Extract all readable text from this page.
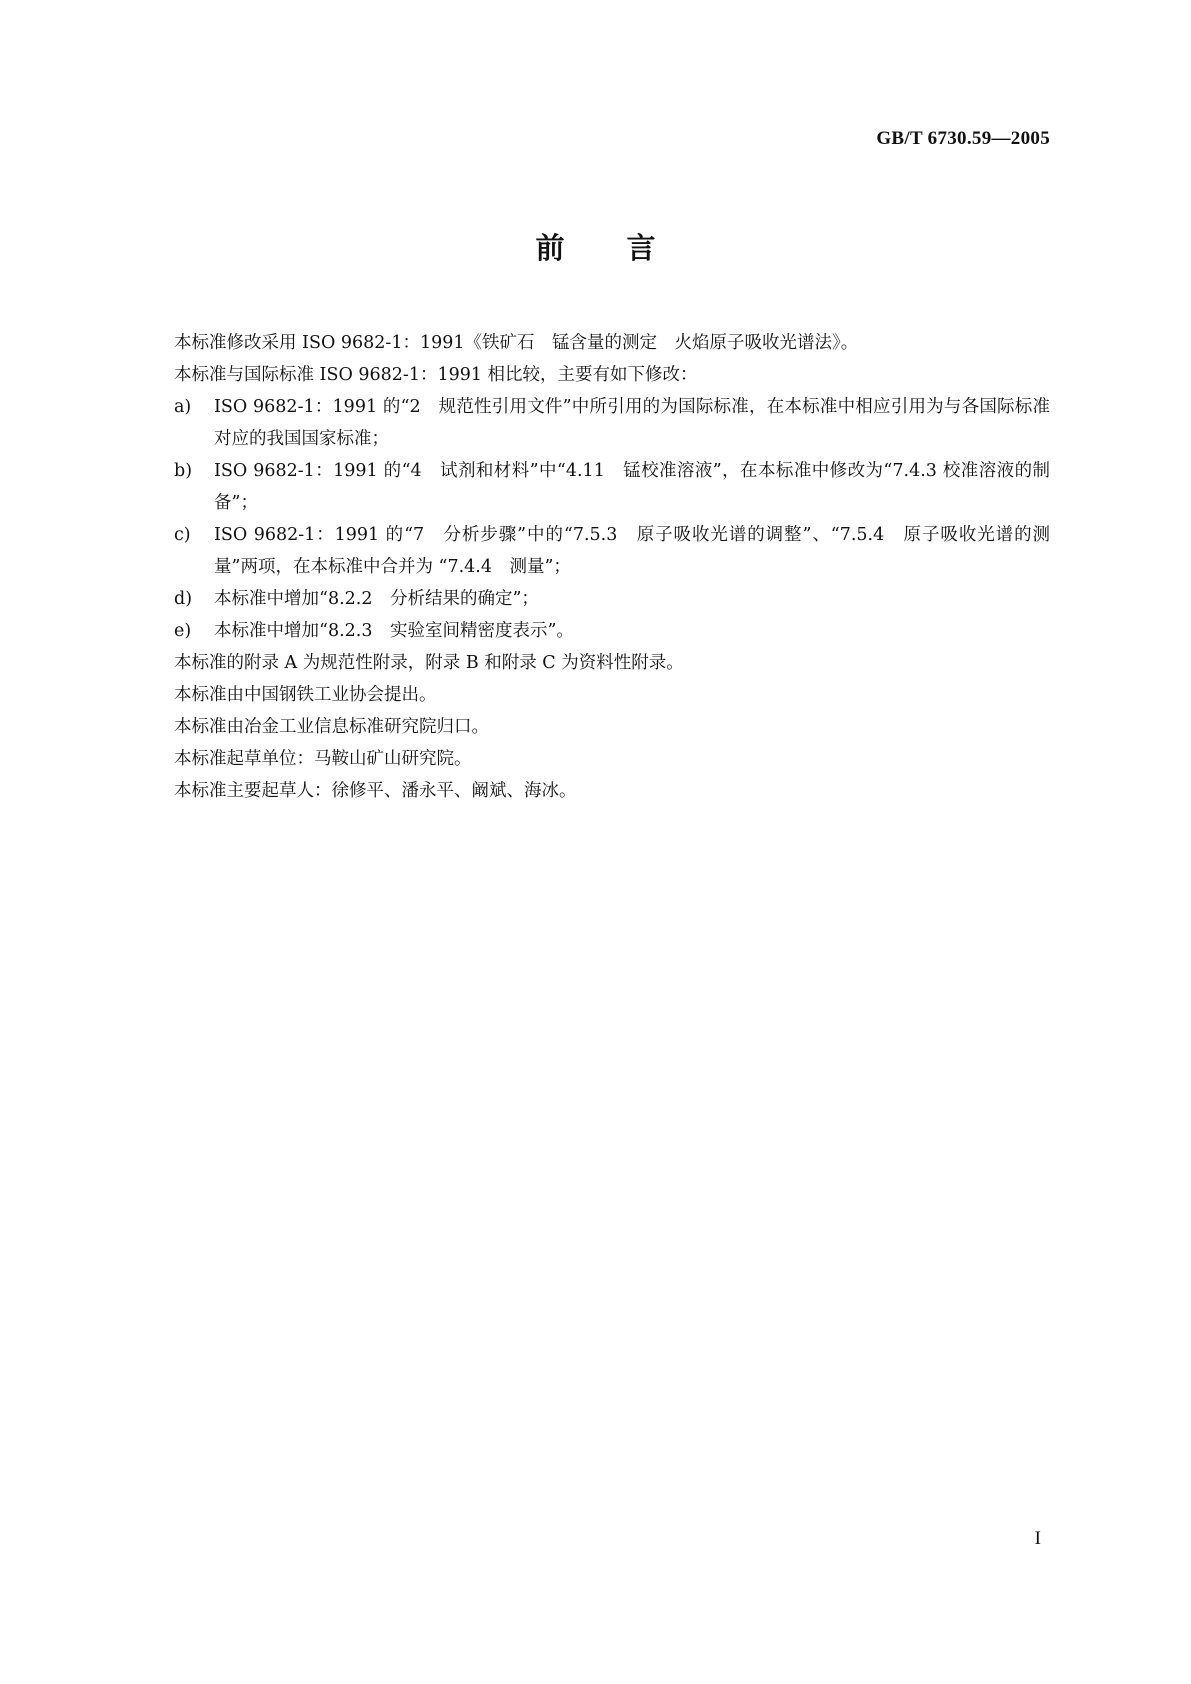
GB/T 6730.59—2005
前言

本标准修改采用 ISO 9682-1：1991《铁矿石　锰含量的测定　火焰原子吸收光谱法》。

本标准与国际标准 ISO 9682-1：1991 相比较，主要有如下修改：

a)	ISO 9682-1：1991 的“2　规范性引用文件”中所引用的为国际标准，在本标准中相应引用为与各国际标准对应的我国国家标准；
b)	ISO 9682-1：1991 的“4　试剂和材料”中“4.11　锰校准溶液”，在本标准中修改为“7.4.3 校准溶液的制备”；
c)	ISO 9682-1：1991 的“7　分析步骤”中的“7.5.3　原子吸收光谱的调整”、“7.5.4　原子吸收光谱的测量”两项，在本标准中合并为 “7.4.4　测量”；
d)	本标准中增加“8.2.2　分析结果的确定”；
e)	本标准中增加“8.2.3　实验室间精密度表示”。

本标准的附录 A 为规范性附录，附录 B 和附录 C 为资料性附录。

本标准由中国钢铁工业协会提出。

本标准由冶金工业信息标准研究院归口。

本标准起草单位：马鞍山矿山研究院。

本标准主要起草人：徐修平、潘永平、阚斌、海冰。

I
